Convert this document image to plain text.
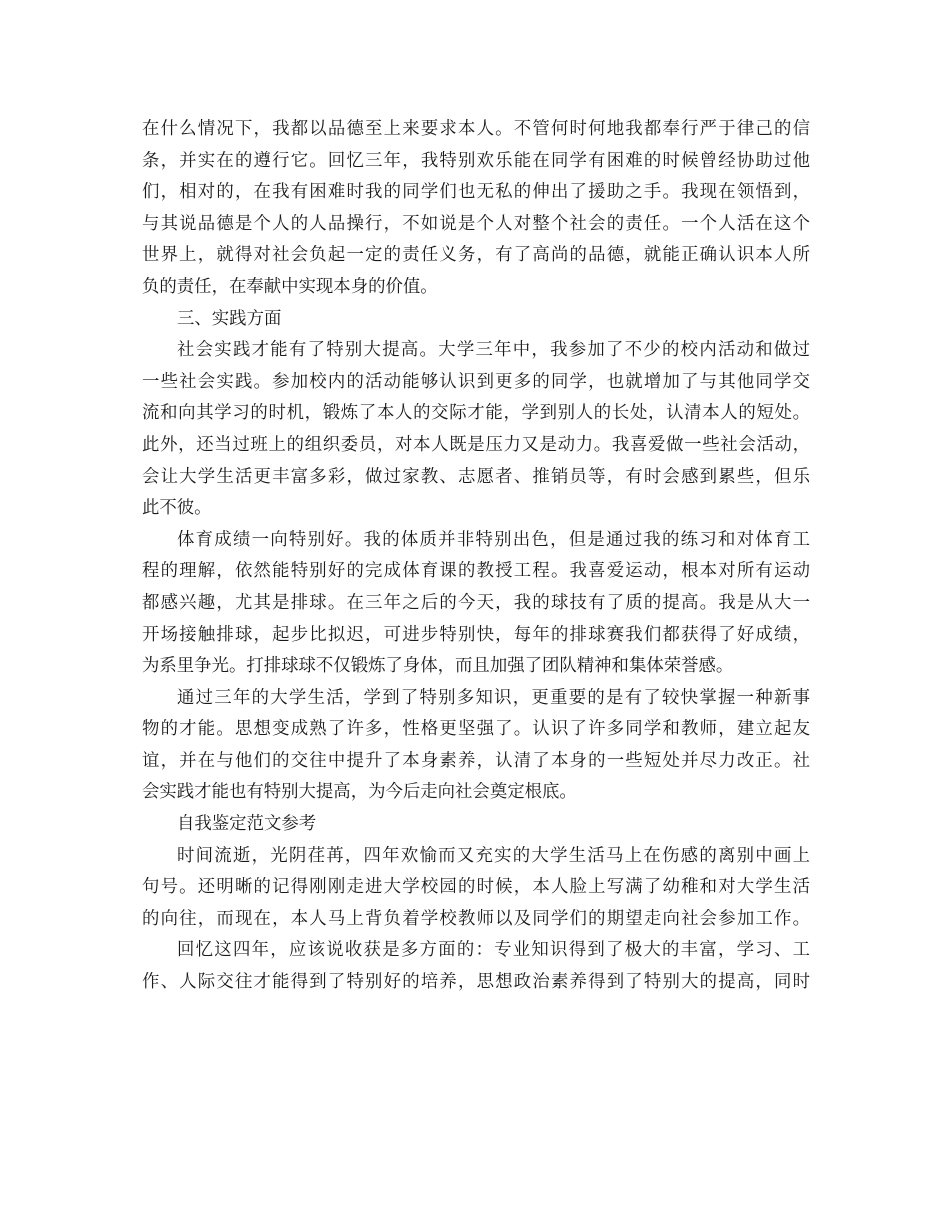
在什么情况下，我都以品德至上来要求本人。不管何时何地我都奉行严于律己的信
条，并实在的遵行它。回忆三年，我特别欢乐能在同学有困难的时候曾经协助过他
们，相对的，在我有困难时我的同学们也无私的伸出了援助之手。我现在领悟到，
与其说品德是个人的人品操行，不如说是个人对整个社会的责任。一个人活在这个
世界上，就得对社会负起一定的责任义务，有了高尚的品德，就能正确认识本人所
负的责任，在奉献中实现本身的价值。
三、实践方面
社会实践才能有了特别大提高。大学三年中，我参加了不少的校内活动和做过
一些社会实践。参加校内的活动能够认识到更多的同学，也就增加了与其他同学交
流和向其学习的时机，锻炼了本人的交际才能，学到别人的长处，认清本人的短处。
此外，还当过班上的组织委员，对本人既是压力又是动力。我喜爱做一些社会活动，
会让大学生活更丰富多彩，做过家教、志愿者、推销员等，有时会感到累些，但乐
此不彼。
体育成绩一向特别好。我的体质并非特别出色，但是通过我的练习和对体育工
程的理解，依然能特别好的完成体育课的教授工程。我喜爱运动，根本对所有运动
都感兴趣，尤其是排球。在三年之后的今天，我的球技有了质的提高。我是从大一
开场接触排球，起步比拟迟，可进步特别快，每年的排球赛我们都获得了好成绩，
为系里争光。打排球球不仅锻炼了身体，而且加强了团队精神和集体荣誉感。
通过三年的大学生活，学到了特别多知识，更重要的是有了较快掌握一种新事
物的才能。思想变成熟了许多，性格更坚强了。认识了许多同学和教师，建立起友
谊，并在与他们的交往中提升了本身素养，认清了本身的一些短处并尽力改正。社
会实践才能也有特别大提高，为今后走向社会奠定根底。
自我鉴定范文参考
时间流逝，光阴荏苒，四年欢愉而又充实的大学生活马上在伤感的离别中画上
句号。还明晰的记得刚刚走进大学校园的时候，本人脸上写满了幼稚和对大学生活
的向往，而现在，本人马上背负着学校教师以及同学们的期望走向社会参加工作。
回忆这四年，应该说收获是多方面的：专业知识得到了极大的丰富，学习、工
作、人际交往才能得到了特别好的培养，思想政治素养得到了特别大的提高，同时
